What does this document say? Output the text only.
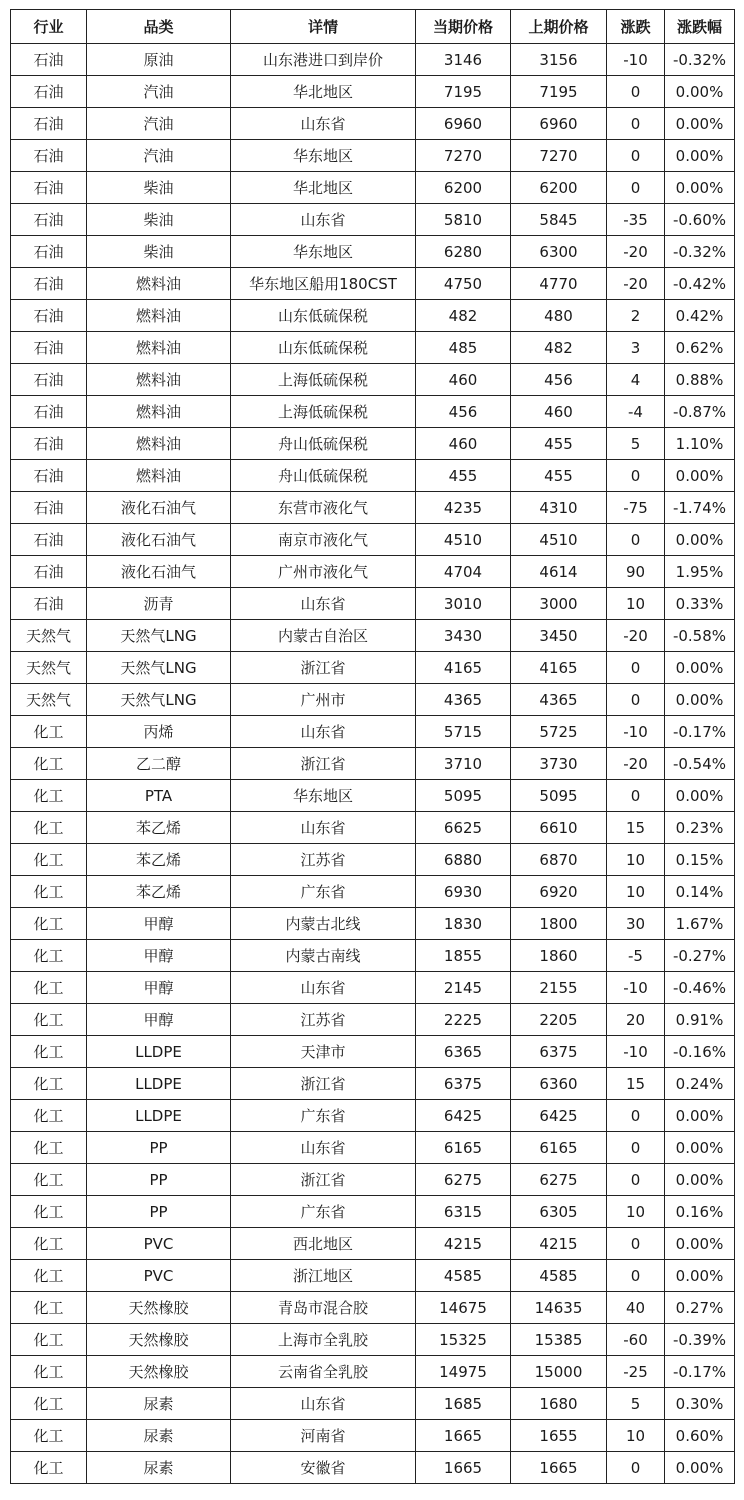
行业	品类	详情	当期价格	上期价格	涨跌	涨跌幅
石油	原油	山东港进口到岸价	3146	3156	-10	-0.32%
石油	汽油	华北地区	7195	7195	0	0.00%
石油	汽油	山东省	6960	6960	0	0.00%
石油	汽油	华东地区	7270	7270	0	0.00%
石油	柴油	华北地区	6200	6200	0	0.00%
石油	柴油	山东省	5810	5845	-35	-0.60%
石油	柴油	华东地区	6280	6300	-20	-0.32%
石油	燃料油	华东地区船用180CST	4750	4770	-20	-0.42%
石油	燃料油	山东低硫保税	482	480	2	0.42%
石油	燃料油	山东低硫保税	485	482	3	0.62%
石油	燃料油	上海低硫保税	460	456	4	0.88%
石油	燃料油	上海低硫保税	456	460	-4	-0.87%
石油	燃料油	舟山低硫保税	460	455	5	1.10%
石油	燃料油	舟山低硫保税	455	455	0	0.00%
石油	液化石油气	东营市液化气	4235	4310	-75	-1.74%
石油	液化石油气	南京市液化气	4510	4510	0	0.00%
石油	液化石油气	广州市液化气	4704	4614	90	1.95%
石油	沥青	山东省	3010	3000	10	0.33%
天然气	天然气LNG	内蒙古自治区	3430	3450	-20	-0.58%
天然气	天然气LNG	浙江省	4165	4165	0	0.00%
天然气	天然气LNG	广州市	4365	4365	0	0.00%
化工	丙烯	山东省	5715	5725	-10	-0.17%
化工	乙二醇	浙江省	3710	3730	-20	-0.54%
化工	PTA	华东地区	5095	5095	0	0.00%
化工	苯乙烯	山东省	6625	6610	15	0.23%
化工	苯乙烯	江苏省	6880	6870	10	0.15%
化工	苯乙烯	广东省	6930	6920	10	0.14%
化工	甲醇	内蒙古北线	1830	1800	30	1.67%
化工	甲醇	内蒙古南线	1855	1860	-5	-0.27%
化工	甲醇	山东省	2145	2155	-10	-0.46%
化工	甲醇	江苏省	2225	2205	20	0.91%
化工	LLDPE	天津市	6365	6375	-10	-0.16%
化工	LLDPE	浙江省	6375	6360	15	0.24%
化工	LLDPE	广东省	6425	6425	0	0.00%
化工	PP	山东省	6165	6165	0	0.00%
化工	PP	浙江省	6275	6275	0	0.00%
化工	PP	广东省	6315	6305	10	0.16%
化工	PVC	西北地区	4215	4215	0	0.00%
化工	PVC	浙江地区	4585	4585	0	0.00%
化工	天然橡胶	青岛市混合胶	14675	14635	40	0.27%
化工	天然橡胶	上海市全乳胶	15325	15385	-60	-0.39%
化工	天然橡胶	云南省全乳胶	14975	15000	-25	-0.17%
化工	尿素	山东省	1685	1680	5	0.30%
化工	尿素	河南省	1665	1655	10	0.60%
化工	尿素	安徽省	1665	1665	0	0.00%
